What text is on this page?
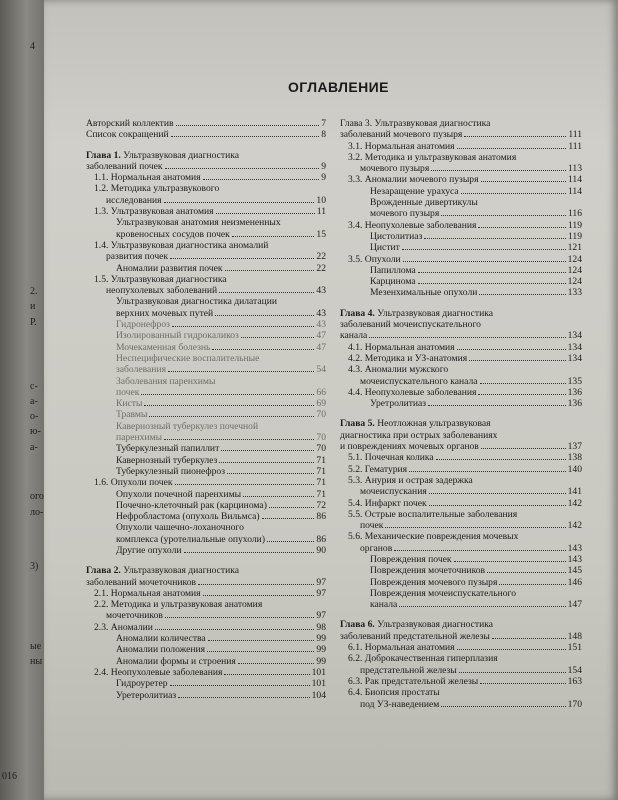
4
2.
и
Р.
с-
а-
о-
ю-
а-
ого
ло-
3)
ые
ны
016
ОГЛАВЛЕНИЕ
Авторский коллектив	7
Список сокращений	8
Глава 1. Ультразвуковая диагностика
заболеваний почек	9
1.1. Нормальная анатомия	9
1.2. Методика ультразвукового
исследования	10
1.3. Ультразвуковая анатомия	11
Ультразвуковая анатомия неизмененных
кровеносных сосудов почек	15
1.4. Ультразвуковая диагностика аномалий
развития почек	22
Аномалии развития почек	22
1.5. Ультразвуковая диагностика
неопухолевых заболеваний	43
Ультразвуковая диагностика дилатации
верхних мочевых путей	43
Гидронефроз	43
Изолированный гидрокаликоз	47
Мочекаменная болезнь	47
Неспецифические воспалительные
заболевания	54
Заболевания паренхимы
почек	66
Кисты	69
Травмы	70
Кавернозный туберкулез почечной
паренхимы	70
Туберкулезный папиллит	70
Кавернозный туберкулез	71
Туберкулезный пионефроз	71
1.6. Опухоли почек	71
Опухоли почечной паренхимы	71
Почечно-клеточный рак (карцинома)	72
Нефробластома (опухоль Вильмса)	86
Опухоли чашечно-лоханочного
комплекса (уротелиальные опухоли)	86
Другие опухоли	90
Глава 2. Ультразвуковая диагностика
заболеваний мочеточников	97
2.1. Нормальная анатомия	97
2.2. Методика и ультразвуковая анатомия
мочеточников	97
2.3. Аномалии	98
Аномалии количества	99
Аномалии положения	99
Аномалии формы и строения	99
2.4. Неопухолевые заболевания	101
Гидроуретер	101
Уретеролитиаз	104
Глава 3. Ультразвуковая диагностика
заболеваний мочевого пузыря	111
3.1. Нормальная анатомия	111
3.2. Методика и ультразвуковая анатомия
мочевого пузыря	113
3.3. Аномалии мочевого пузыря	114
Незаращение урахуса	114
Врожденные дивертикулы
мочевого пузыря	116
3.4. Неопухолевые заболевания	119
Цистолитиаз	119
Цистит	121
3.5. Опухоли	124
Папиллома	124
Карцинома	124
Мезенхимальные опухоли	133
Глава 4. Ультразвуковая диагностика
заболеваний мочеиспускательного
канала	134
4.1. Нормальная анатомия	134
4.2. Методика и УЗ-анатомия	134
4.3. Аномалии мужского
мочеиспускательного канала	135
4.4. Неопухолевые заболевания	136
Уретролитиаз	136
Глава 5. Неотложная ультразвуковая
диагностика при острых заболеваниях
и повреждениях мочевых органов	137
5.1. Почечная колика	138
5.2. Гематурия	140
5.3. Анурия и острая задержка
мочеиспускания	141
5.4. Инфаркт почек	142
5.5. Острые воспалительные заболевания
почек	142
5.6. Механические повреждения мочевых
органов	143
Повреждения почек	143
Повреждения мочеточников	145
Повреждения мочевого пузыря	146
Повреждения мочеиспускательного
канала	147
Глава 6. Ультразвуковая диагностика
заболеваний предстательной железы	148
6.1. Нормальная анатомия	151
6.2. Доброкачественная гиперплазия
предстательной железы	154
6.3. Рак предстательной железы	163
6.4. Биопсия простаты
под УЗ-наведением	170
